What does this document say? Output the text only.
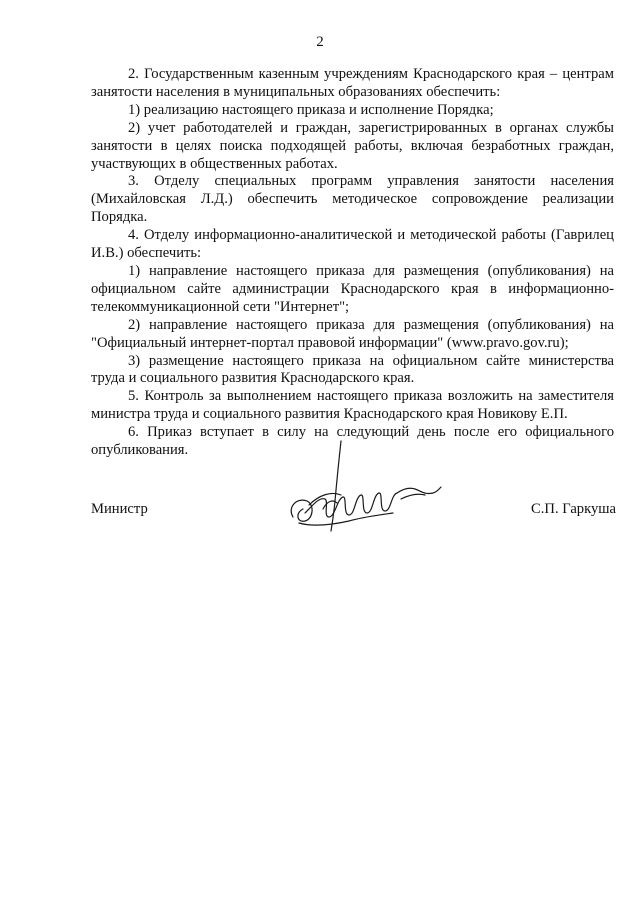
2

2. Государственным казенным учреждениям Краснодарского края – центрам занятости населения в муниципальных образованиях обеспечить:

1) реализацию настоящего приказа и исполнение Порядка;

2) учет работодателей и граждан, зарегистрированных в органах службы занятости в целях поиска подходящей работы, включая безработных граждан, участвующих в общественных работах.

3. Отделу специальных программ управления занятости населения (Михайловская Л.Д.) обеспечить методическое сопровождение реализации Порядка.

4. Отделу информационно-аналитической и методической работы (Гаврилец И.В.) обеспечить:

1) направление настоящего приказа для размещения (опубликования) на официальном сайте администрации Краснодарского края в информационно-телекоммуникационной сети "Интернет";

2) направление настоящего приказа для размещения (опубликования) на "Официальный интернет-портал правовой информации" (www.pravo.gov.ru);

3) размещение настоящего приказа на официальном сайте министерства труда и социального развития Краснодарского края.

5. Контроль за выполнением настоящего приказа возложить на заместителя министра труда и социального развития Краснодарского края Новикову Е.П.

6. Приказ вступает в силу на следующий день после его официального опубликования.

Министр	С.П. Гаркуша
